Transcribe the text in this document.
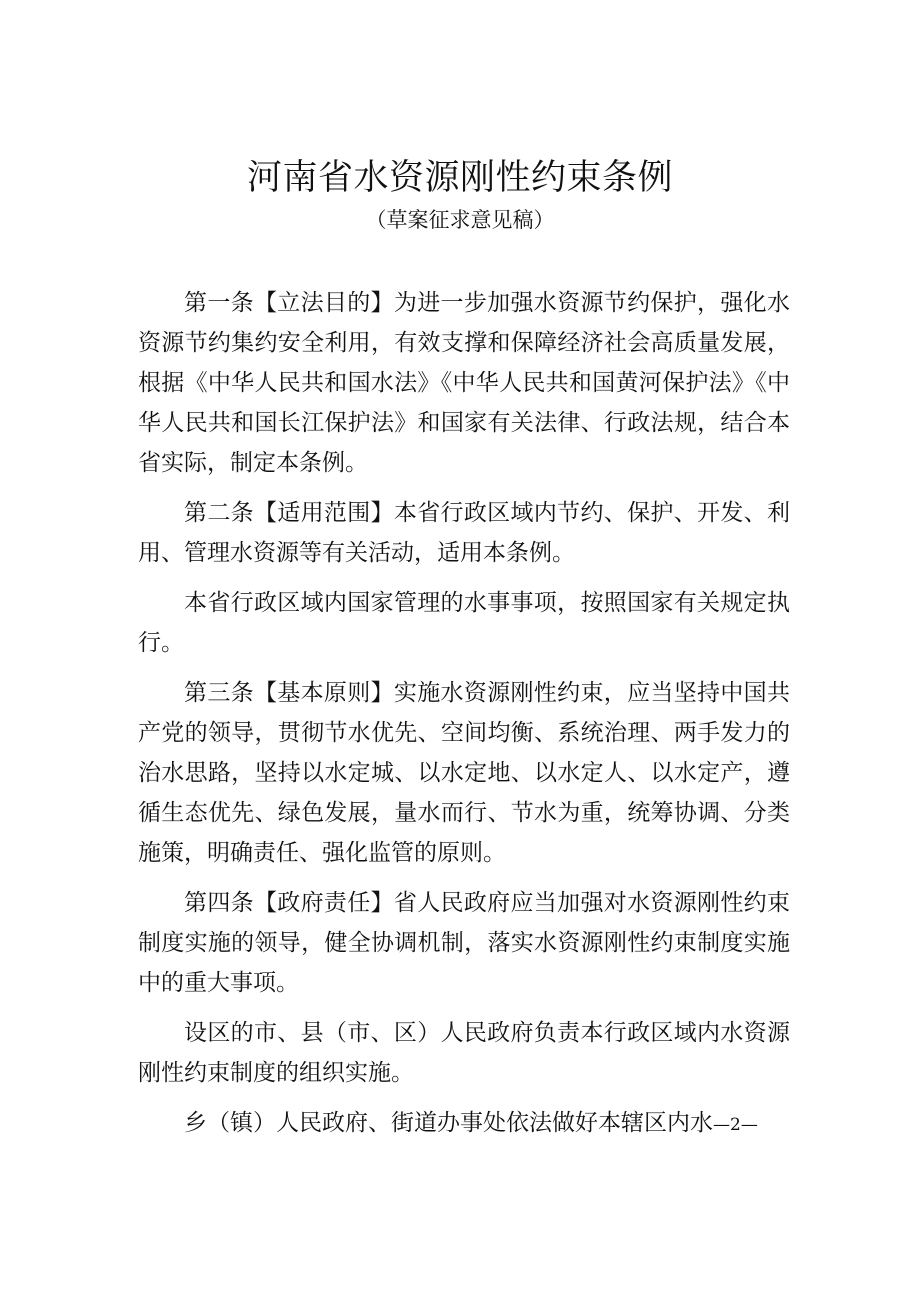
河南省水资源刚性约束条例
（草案征求意见稿）

第一条【立法目的】为进一步加强水资源节约保护，强化水资源节约集约安全利用，有效支撑和保障经济社会高质量发展，根据《中华人民共和国水法》《中华人民共和国黄河保护法》《中华人民共和国长江保护法》和国家有关法律、行政法规，结合本省实际，制定本条例。

第二条【适用范围】本省行政区域内节约、保护、开发、利用、管理水资源等有关活动，适用本条例。

本省行政区域内国家管理的水事事项，按照国家有关规定执行。

第三条【基本原则】实施水资源刚性约束，应当坚持中国共产党的领导，贯彻节水优先、空间均衡、系统治理、两手发力的治水思路，坚持以水定城、以水定地、以水定人、以水定产，遵循生态优先、绿色发展，量水而行、节水为重，统筹协调、分类施策，明确责任、强化监管的原则。

第四条【政府责任】省人民政府应当加强对水资源刚性约束制度实施的领导，健全协调机制，落实水资源刚性约束制度实施中的重大事项。

设区的市、县（市、区）人民政府负责本行政区域内水资源刚性约束制度的组织实施。

乡（镇）人民政府、街道办事处依法做好本辖区内水—2—
